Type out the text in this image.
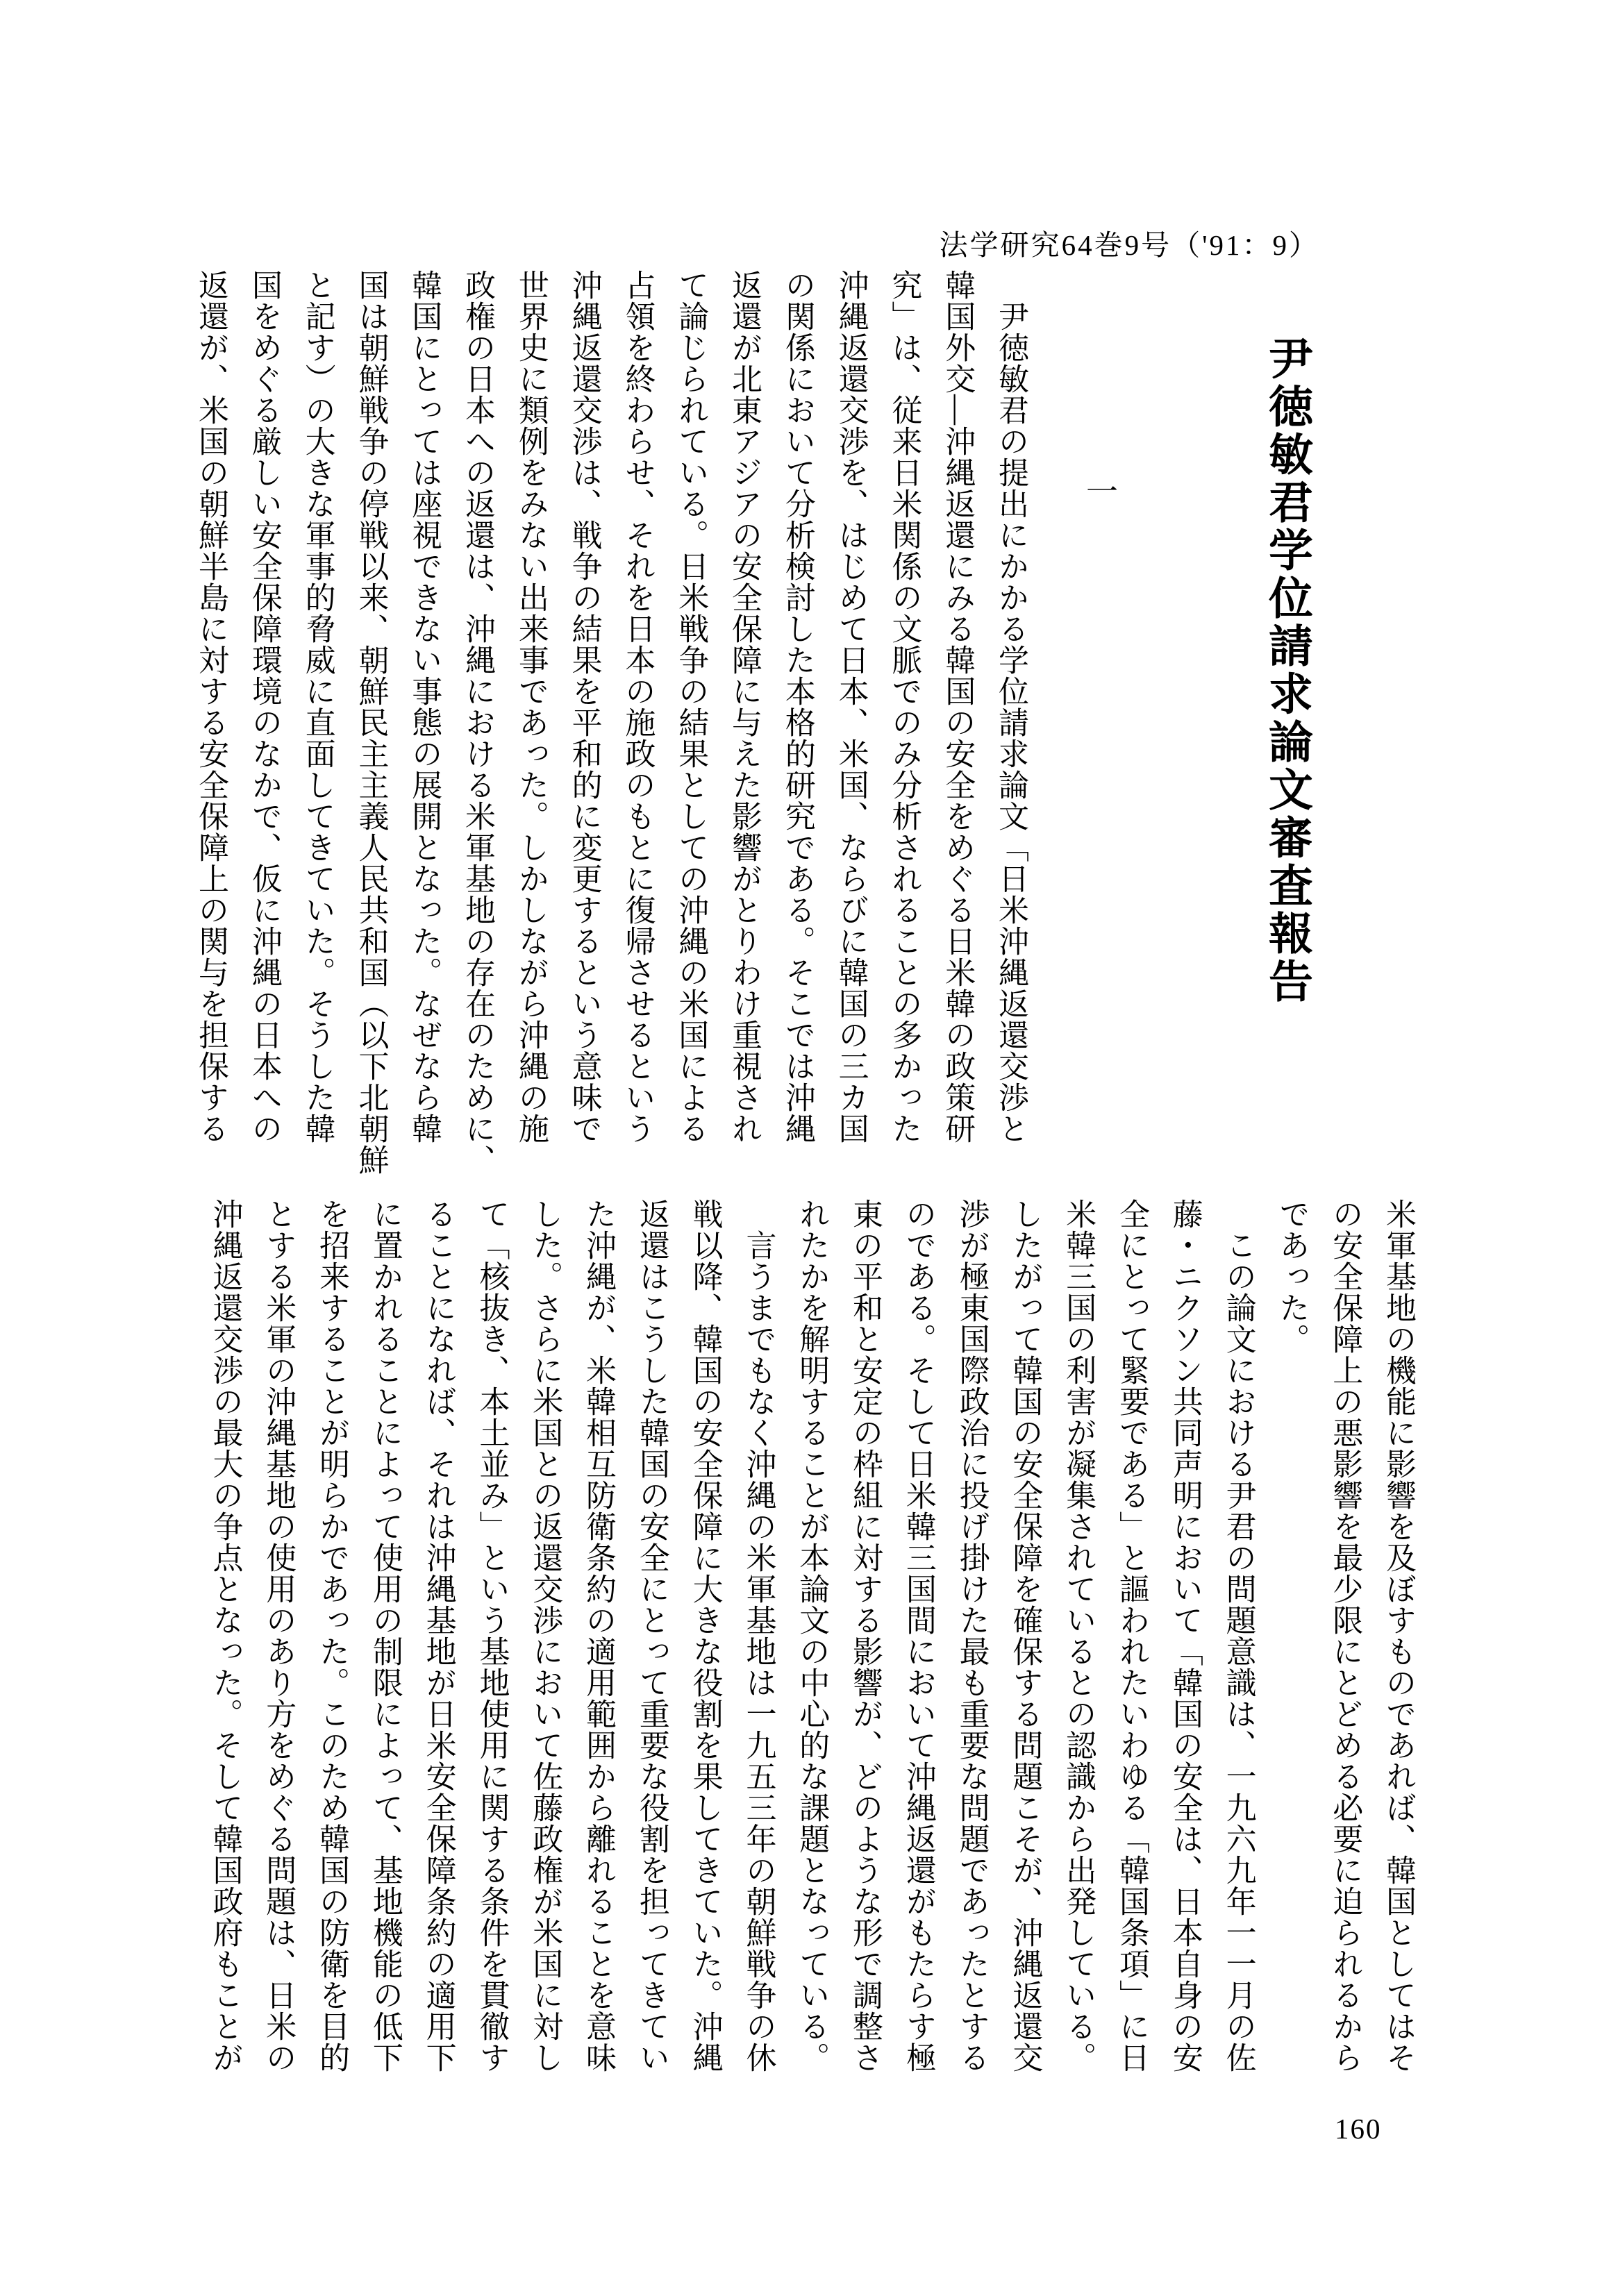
法学研究64巻9号（'91：9）
尹徳敏君学位請求論文審査報告
一
　尹徳敏君の提出にかかる学位請求論文「日米沖縄返還交渉と
韓国外交―沖縄返還にみる韓国の安全をめぐる日米韓の政策研
究」は、従来日米関係の文脈でのみ分析されることの多かった
沖縄返還交渉を、はじめて日本、米国、ならびに韓国の三カ国
の関係において分析検討した本格的研究である。そこでは沖縄
返還が北東アジアの安全保障に与えた影響がとりわけ重視され
て論じられている。日米戦争の結果としての沖縄の米国による
占領を終わらせ、それを日本の施政のもとに復帰させるという
沖縄返還交渉は、戦争の結果を平和的に変更するという意味で
世界史に類例をみない出来事であった。しかしながら沖縄の施
政権の日本への返還は、沖縄における米軍基地の存在のために、
韓国にとっては座視できない事態の展開となった。なぜなら韓
国は朝鮮戦争の停戦以来、朝鮮民主主義人民共和国（以下北朝鮮
と記す）の大きな軍事的脅威に直面してきていた。そうした韓
国をめぐる厳しい安全保障環境のなかで、仮に沖縄の日本への
返還が、米国の朝鮮半島に対する安全保障上の関与を担保する
米軍基地の機能に影響を及ぼすものであれば、韓国としてはそ
の安全保障上の悪影響を最少限にとどめる必要に迫られるから
であった。
　この論文における尹君の問題意識は、一九六九年一一月の佐
藤・ニクソン共同声明において「韓国の安全は、日本自身の安
全にとって緊要である」と謳われたいわゆる「韓国条項」に日
米韓三国の利害が凝集されているとの認識から出発している。
したがって韓国の安全保障を確保する問題こそが、沖縄返還交
渉が極東国際政治に投げ掛けた最も重要な問題であったとする
のである。そして日米韓三国間において沖縄返還がもたらす極
東の平和と安定の枠組に対する影響が、どのような形で調整さ
れたかを解明することが本論文の中心的な課題となっている。
　言うまでもなく沖縄の米軍基地は一九五三年の朝鮮戦争の休
戦以降、韓国の安全保障に大きな役割を果してきていた。沖縄
返還はこうした韓国の安全にとって重要な役割を担ってきてい
た沖縄が、米韓相互防衛条約の適用範囲から離れることを意味
した。さらに米国との返還交渉において佐藤政権が米国に対し
て「核抜き、本土並み」という基地使用に関する条件を貫徹す
ることになれば、それは沖縄基地が日米安全保障条約の適用下
に置かれることによって使用の制限によって、基地機能の低下
を招来することが明らかであった。このため韓国の防衛を目的
とする米軍の沖縄基地の使用のあり方をめぐる問題は、日米の
沖縄返還交渉の最大の争点となった。そして韓国政府もことが
160
